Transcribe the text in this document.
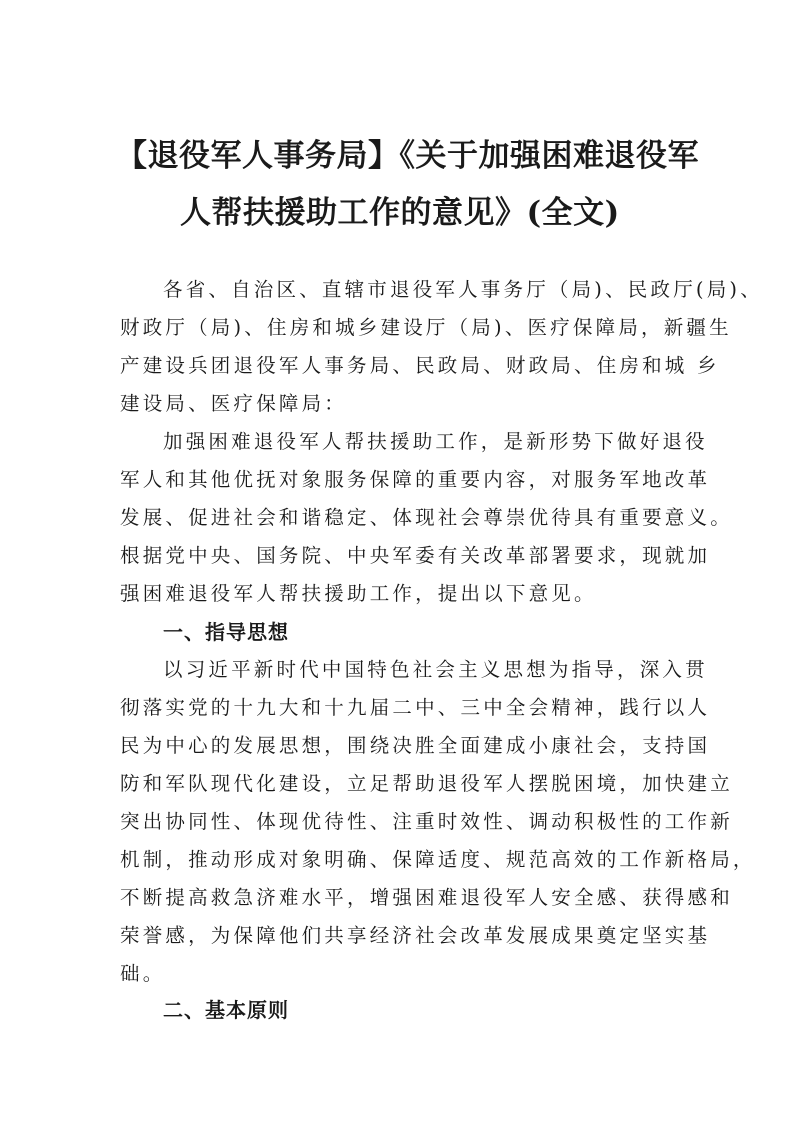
【退役军人事务局】《关于加强困难退役军
人帮扶援助工作的意见》(全文)
各省、自治区、直辖市退役军人事务厅（局)、民政厅(局)、
财政厅（局)、住房和城乡建设厅（局)、医疗保障局，新疆生
产建设兵团退役军人事务局、民政局、财政局、住房和城 乡
建设局、医疗保障局：
加强困难退役军人帮扶援助工作，是新形势下做好退役
军人和其他优抚对象服务保障的重要内容，对服务军地改革
发展、促进社会和谐稳定、体现社会尊崇优待具有重要意义。
根据党中央、国务院、中央军委有关改革部署要求，现就加
强困难退役军人帮扶援助工作，提出以下意见。
一、指导思想
以习近平新时代中国特色社会主义思想为指导，深入贯
彻落实党的十九大和十九届二中、三中全会精神，践行以人
民为中心的发展思想，围绕决胜全面建成小康社会，支持国
防和军队现代化建设，立足帮助退役军人摆脱困境，加快建立
突出协同性、体现优待性、注重时效性、调动积极性的工作新
机制，推动形成对象明确、保障适度、规范高效的工作新格局，
不断提高救急济难水平，增强困难退役军人安全感、获得感和
荣誉感，为保障他们共享经济社会改革发展成果奠定坚实基
础。
二、基本原则
